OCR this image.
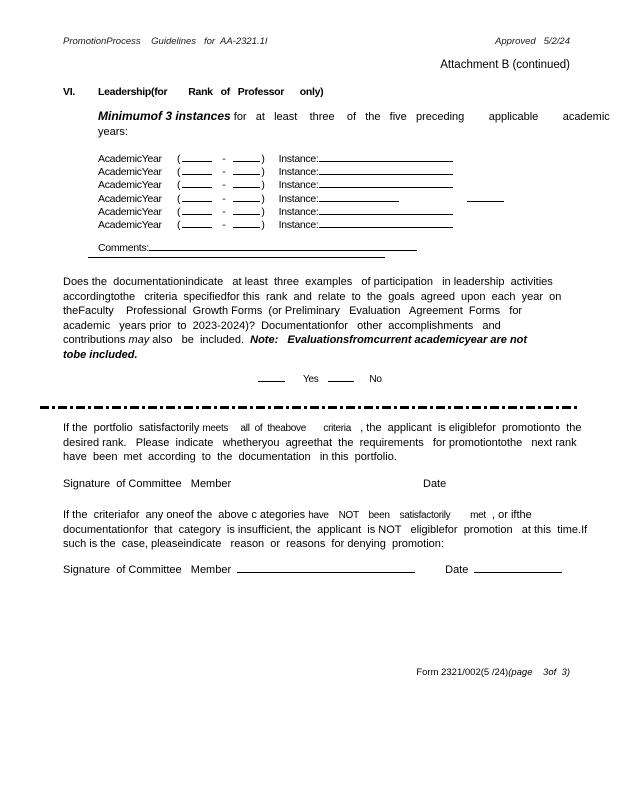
PromotionProcess    Guidelines   for  AA-2321.1I	Approved   5/2/24
Attachment B (continued)
VI. Leadership(for        Rank   of   Professor      only)
Minimumof 3 instances for   at   least    three    of   the   five   preceding        applicable        academic
years:
AcademicYear (	-	) Instance:
AcademicYear (	-	) Instance:
AcademicYear (	-	) Instance:
AcademicYear (	-	) Instance:
AcademicYear (	-	) Instance:
AcademicYear (	-	) Instance:
Comments:
Does the  documentationindicate   at least  three  examples   of participation   in leadership  activities
accordingtothe   criteria  specifiedfor this  rank  and  relate  to  the  goals  agreed  upon  each  year  on
theFaculty    Professional  Growth Forms  (or Preliminary   Evaluation   Agreement  Forms   for
academic   years prior  to  2023-2024)?  Documentationfor   other  accomplishments   and
contributions may also   be  included.  Note:   Evaluationsfromcurrent academicyear are not
tobe included.
Yes	No
If the  portfolio  satisfactorily meets     all  of  theabove       criteria   , the  applicant  is eligiblefor  promotionto  the
desired rank.   Please  indicate   whetheryou  agreethat  the  requirements   for promotiontothe   next rank
have  been  met  according  to  the  documentation   in this  portfolio.
Signature  of Committee   Member	Date
If the  criteriafor  any oneof the  above c ategories have    NOT    been    satisfactorily        met  , or ifthe
documentationfor  that  category  is insufficient, the  applicant  is NOT   eligiblefor  promotion   at this  time.If
such is the  case, pleaseindicate   reason  or  reasons  for denying  promotion:
Signature  of Committee   Member	Date
Form 2321/002(5 /24)(page    3of  3)
